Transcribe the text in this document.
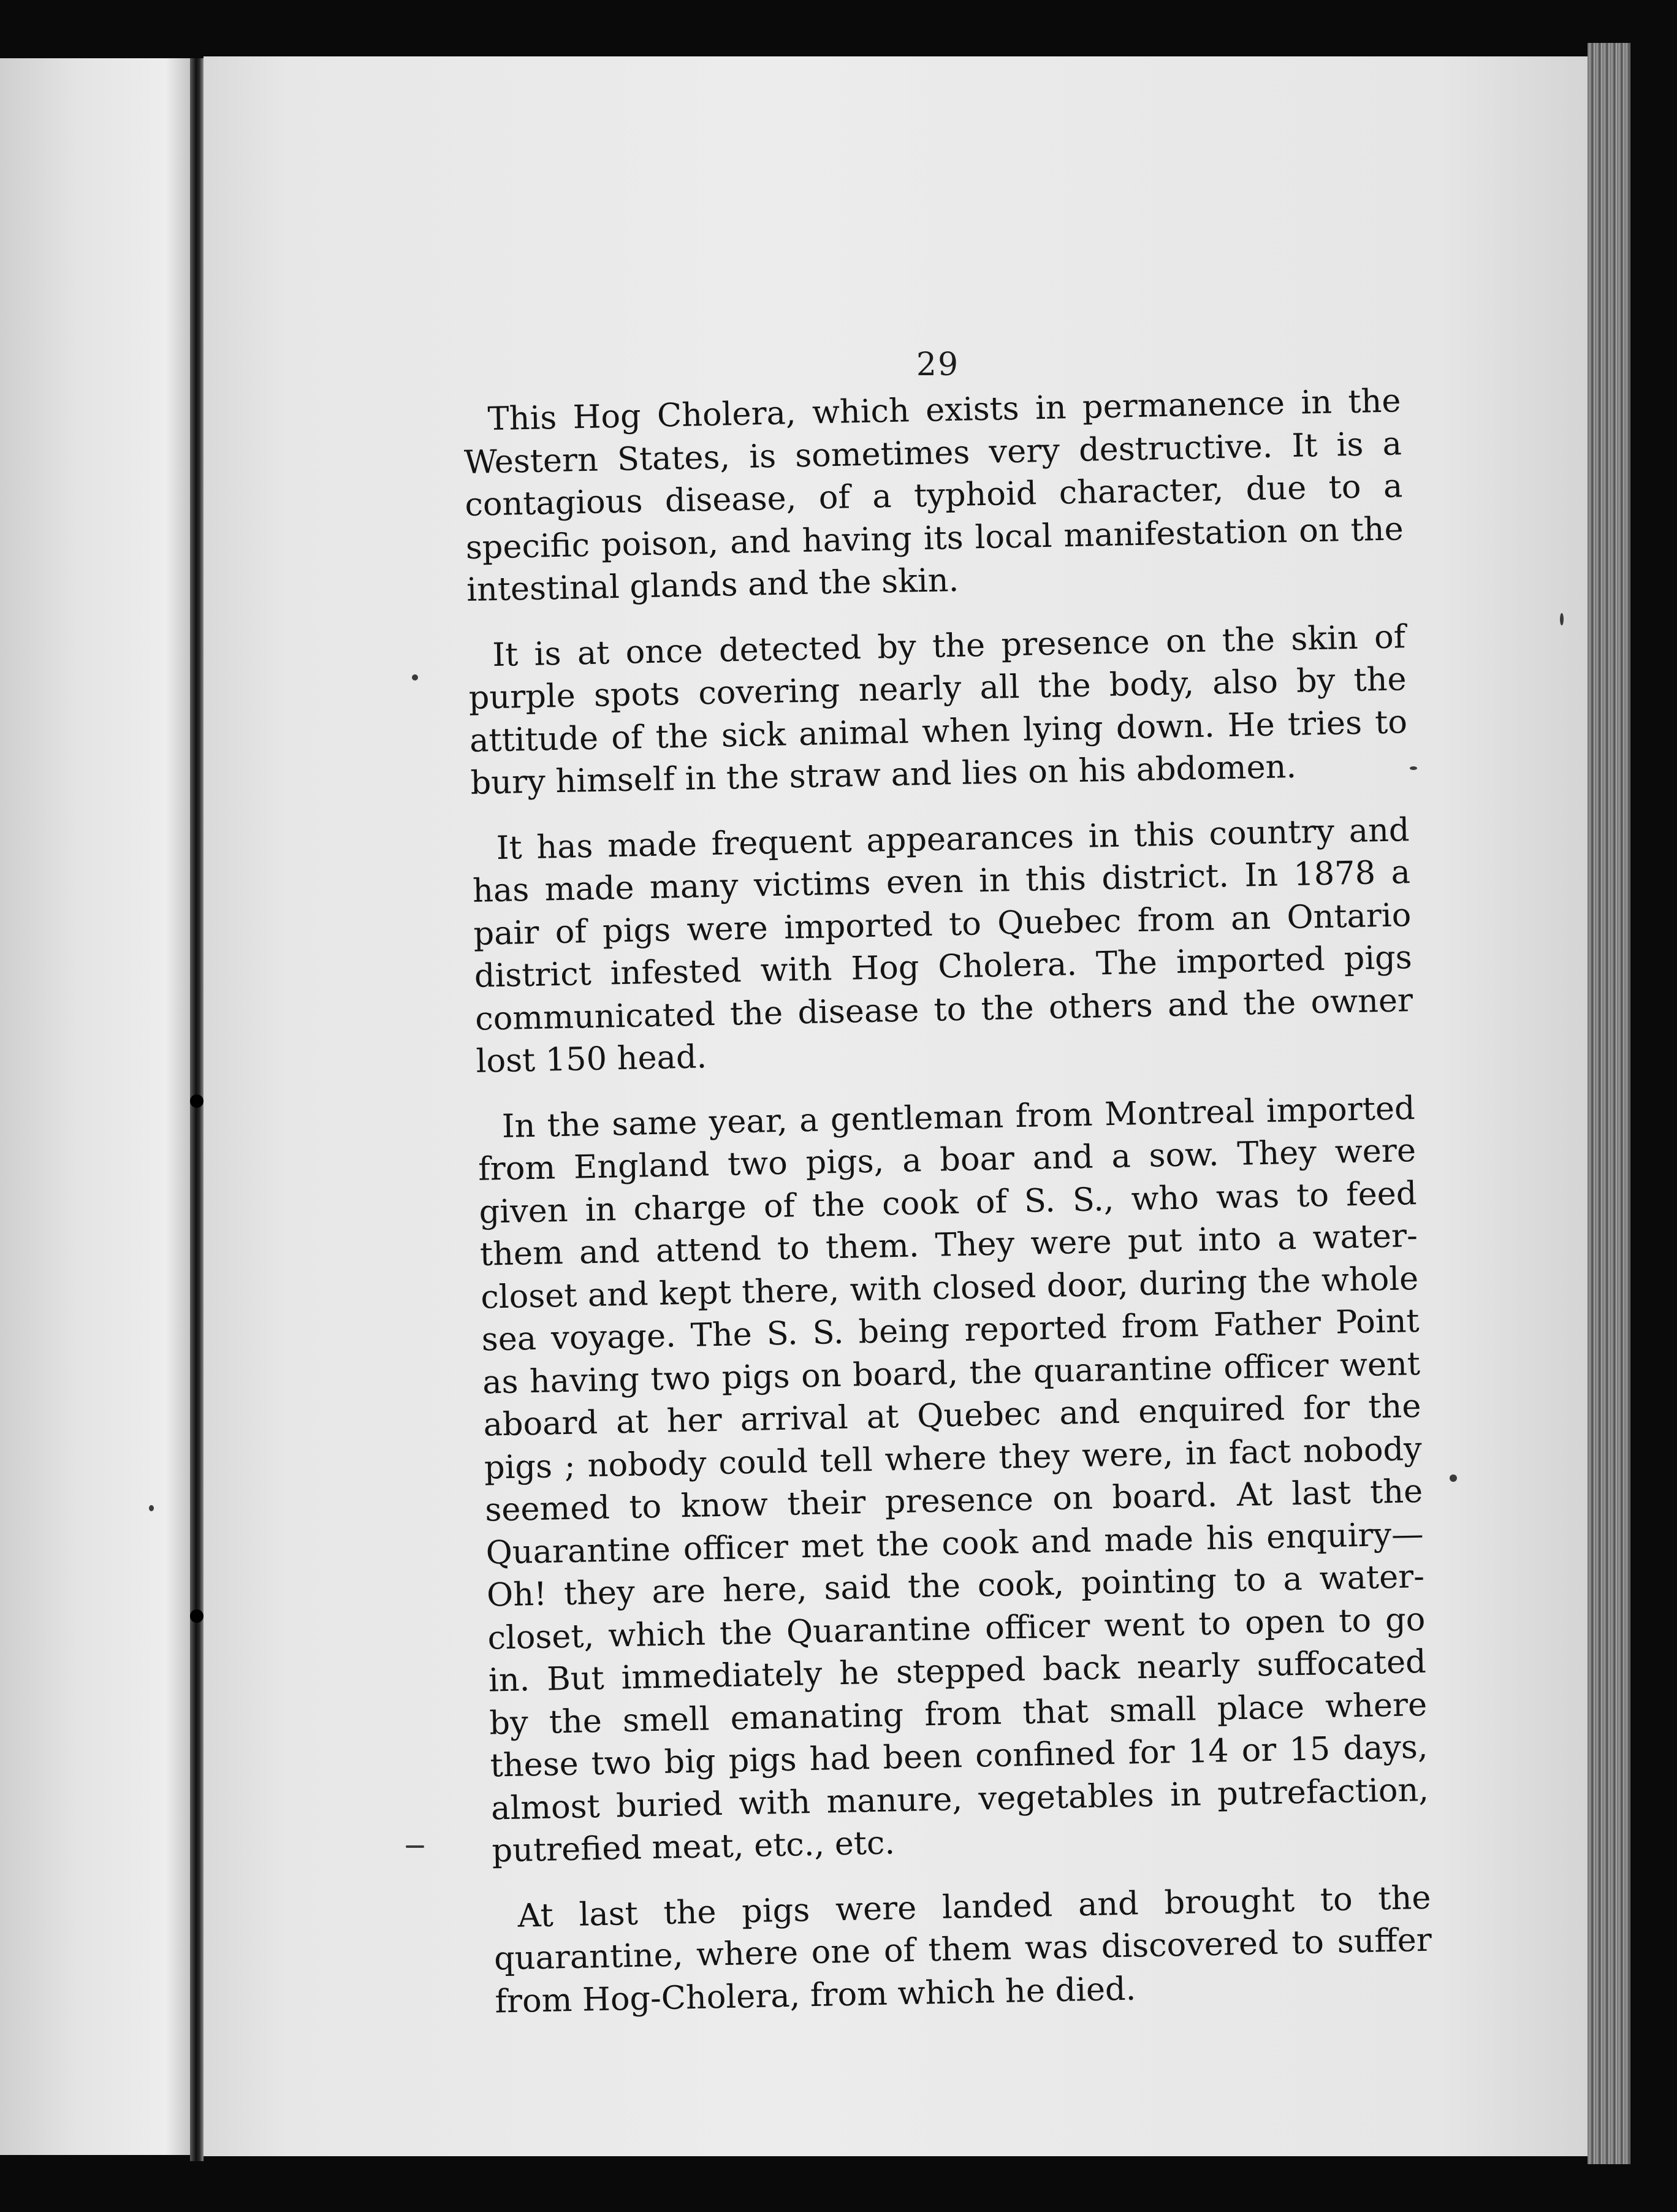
29

This Hog Cholera, which exists in permanence in the Western States, is sometimes very destructive. It is a contagious disease, of a typhoid character, due to a specific poison, and having its local manifestation on the intestinal glands and the skin.

It is at once detected by the presence on the skin of purple spots covering nearly all the body, also by the attitude of the sick animal when lying down. He tries to bury himself in the straw and lies on his abdomen.

It has made frequent appearances in this country and has made many victims even in this district. In 1878 a pair of pigs were imported to Quebec from an Ontario district infested with Hog Cholera. The imported pigs communicated the disease to the others and the owner lost 150 head.

In the same year, a gentleman from Montreal imported from England two pigs, a boar and a sow. They were given in charge of the cook of S. S., who was to feed them and attend to them. They were put into a water-closet and kept there, with closed door, during the whole sea voyage. The S. S. being reported from Father Point as having two pigs on board, the quarantine officer went aboard at her arrival at Quebec and enquired for the pigs ; nobody could tell where they were, in fact nobody seemed to know their presence on board. At last the Quarantine officer met the cook and made his enquiry—Oh! they are here, said the cook, pointing to a water-closet, which the Quarantine officer went to open to go in. But immediately he stepped back nearly suffocated by the smell emanating from that small place where these two big pigs had been confined for 14 or 15 days, almost buried with manure, vegetables in putrefaction, putrefied meat, etc., etc.

At last the pigs were landed and brought to the quarantine, where one of them was discovered to suffer from Hog-Cholera, from which he died.
